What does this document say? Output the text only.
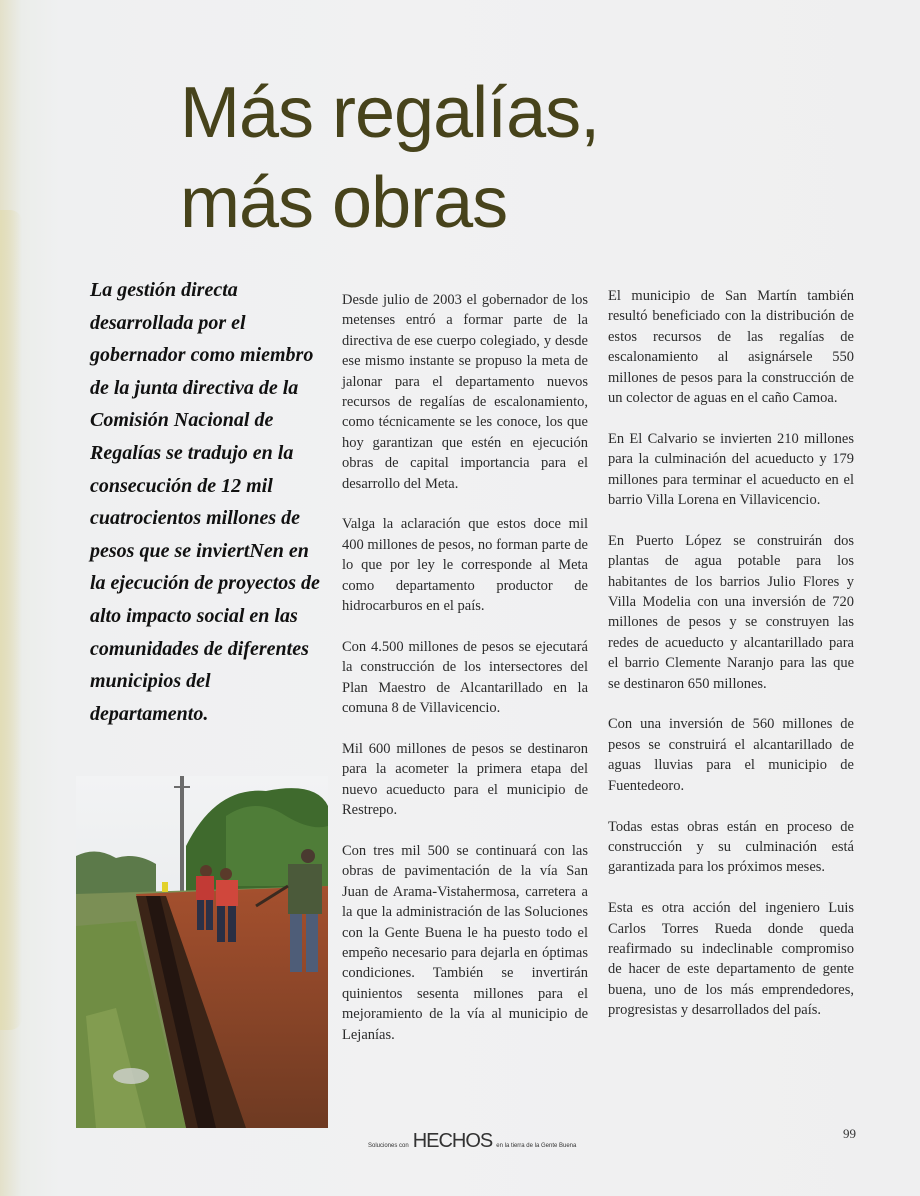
Más regalías,
más obras

La gestión directa desarrollada por el gobernador como miembro de la junta directiva de la Comisión Nacional de Regalías se tradujo en la consecución de 12 mil cuatrocientos millones de pesos que se inviertNen en la ejecución de proyectos de alto impacto social en las comunidades de diferentes municipios del departamento.

Desde julio de 2003 el gobernador de los metenses entró a formar parte de la directiva de ese cuerpo colegiado, y desde ese mismo instante se propuso la meta de jalonar para el departamento nuevos recursos de regalías de escalonamiento, como técnicamente se les conoce, los que hoy garantizan que estén en ejecución obras de capital importancia para el desarrollo del Meta.

Valga la aclaración que estos doce mil 400 millones de pesos, no forman parte de lo que por ley le corresponde al Meta como departamento productor de hidrocarburos en el país.

Con 4.500 millones de pesos se ejecutará la construcción de los intersectores del Plan Maestro de Alcantarillado en la comuna 8 de Villavicencio.

Mil 600 millones de pesos se destinaron para la acometer la primera etapa del nuevo acueducto para el municipio de Restrepo.

Con tres mil 500 se continuará con las obras de pavimentación de la vía San Juan de Arama-Vistahermosa, carretera a la que la administración de las Soluciones con la Gente Buena le ha puesto todo el empeño necesario para dejarla en óptimas condiciones. También se invertirán quinientos sesenta millones para el mejoramiento de la vía al municipio de Lejanías.

El municipio de San Martín también resultó beneficiado con la distribución de estos recursos de las regalías de escalonamiento al asignársele 550 millones de pesos para la construcción de un colector de aguas en el caño Camoa.

En El Calvario se invierten 210 millones para la culminación del acueducto y 179 millones para terminar el acueducto en el barrio Villa Lorena en Villavicencio.

En Puerto López se construirán dos plantas de agua potable para los habitantes de los barrios Julio Flores y Villa Modelia con una inversión de 720 millones de pesos y se construyen las redes de acueducto y alcantarillado para el barrio Clemente Naranjo para las que se destinaron 650 millones.

Con una inversión de 560 millones de pesos se construirá el alcantarillado de aguas lluvias para el municipio de Fuentedeoro.

Todas estas obras están en proceso de construcción y su culminación está garantizada para los próximos meses.

Esta es otra acción del ingeniero Luis Carlos Torres Rueda donde queda reafirmado su indeclinable compromiso de hacer de este departamento de gente buena, uno de los más emprendedores, progresistas y desarrollados del país.

Soluciones con HECHOS en la tierra de la Gente Buena
99
